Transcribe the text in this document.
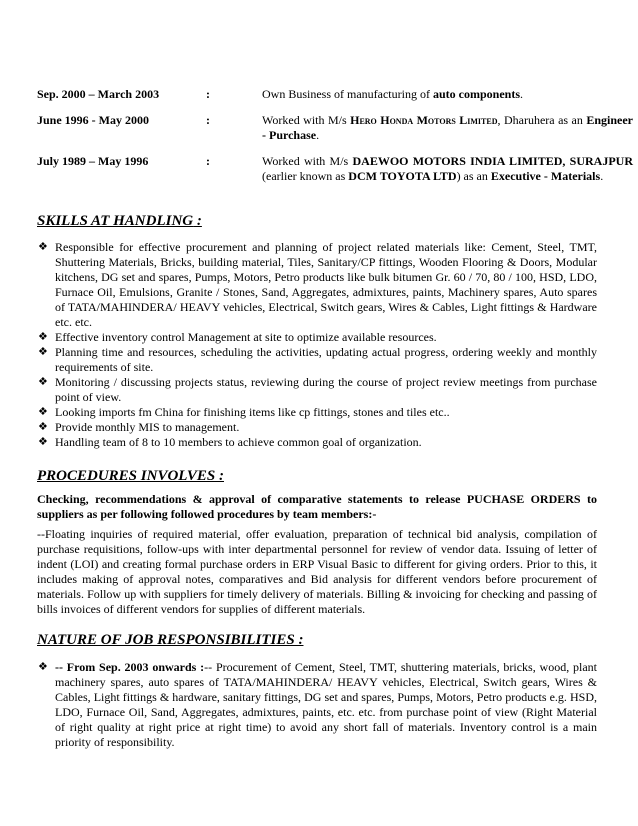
Sep. 2000 – March 2003	:	Own Business of manufacturing of auto components.
June 1996 - May 2000	:	Worked with M/s Hero Honda Motors Limited, Dharuhera as an Engineer - Purchase.
July 1989 – May 1996	:	Worked with M/s DAEWOO MOTORS INDIA LIMITED, SURAJPUR (earlier known as DCM TOYOTA LTD) as an Executive - Materials.
SKILLS AT HANDLING :
❖ Responsible for effective procurement and planning of project related materials like: Cement, Steel, TMT, Shuttering Materials, Bricks, building material, Tiles, Sanitary/CP fittings, Wooden Flooring & Doors, Modular kitchens, DG set and spares, Pumps, Motors, Petro products like bulk bitumen Gr. 60 / 70, 80 / 100, HSD, LDO, Furnace Oil, Emulsions, Granite / Stones, Sand, Aggregates, admixtures, paints, Machinery spares, Auto spares of TATA/MAHINDERA/ HEAVY vehicles, Electrical, Switch gears, Wires & Cables, Light fittings & Hardware etc. etc.
❖ Effective inventory control Management at site to optimize available resources.
❖ Planning time and resources, scheduling the activities, updating actual progress, ordering weekly and monthly requirements of site.
❖ Monitoring / discussing projects status, reviewing during the course of project review meetings from purchase point of view.
❖ Looking imports fm China for finishing items like cp fittings, stones and tiles etc..
❖ Provide monthly MIS to management.
❖ Handling team of 8 to 10 members to achieve common goal of organization.
PROCEDURES INVOLVES :

Checking, recommendations & approval of comparative statements to release PUCHASE ORDERS to suppliers as per following followed procedures by team members:-

--Floating inquiries of required material, offer evaluation, preparation of technical bid analysis, compilation of purchase requisitions, follow-ups with inter departmental personnel for review of vendor data. Issuing of letter of indent (LOI) and creating formal purchase orders in ERP Visual Basic to different for giving orders. Prior to this, it includes making of approval notes, comparatives and Bid analysis for different vendors before procurement of materials. Follow up with suppliers for timely delivery of materials. Billing & invoicing for checking and passing of bills invoices of different vendors for supplies of different materials.

NATURE OF JOB RESPONSIBILITIES :
❖ -- From Sep. 2003 onwards :-- Procurement of Cement, Steel, TMT, shuttering materials, bricks, wood, plant machinery spares, auto spares of TATA/MAHINDERA/ HEAVY vehicles, Electrical, Switch gears, Wires & Cables, Light fittings & hardware, sanitary fittings, DG set and spares, Pumps, Motors, Petro products e.g. HSD, LDO, Furnace Oil, Sand, Aggregates, admixtures, paints, etc. etc. from purchase point of view (Right Material of right quality at right price at right time) to avoid any short fall of materials. Inventory control is a main priority of responsibility.
